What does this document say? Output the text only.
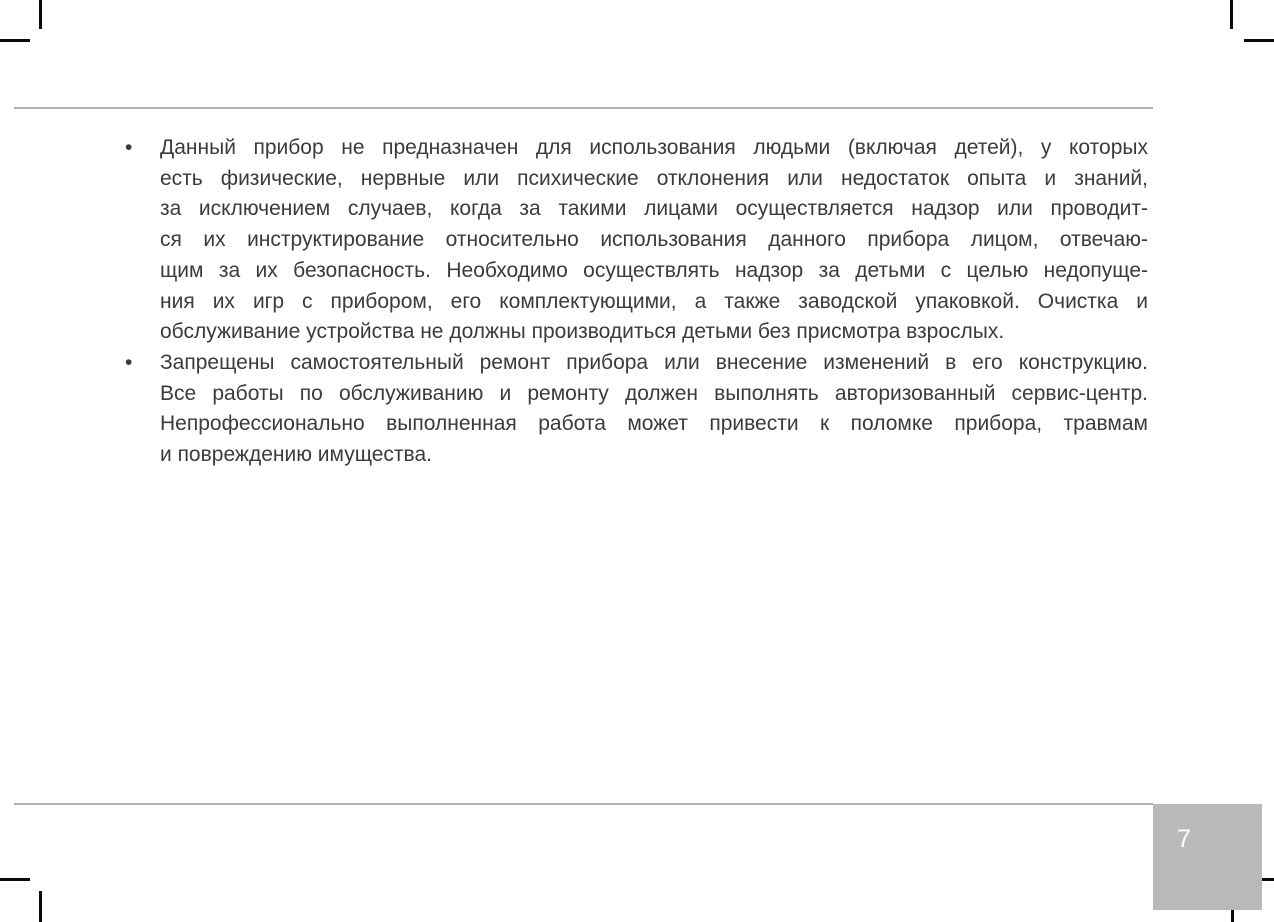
•	Данный прибор не предназначен для использования людьми (включая детей), у которых
есть физические, нервные или психические отклонения или недостаток опыта и знаний,
за исключением случаев, когда за такими лицами осуществляется надзор или проводит-
ся их инструктирование относительно использования данного прибора лицом, отвечаю-
щим за их безопасность. Необходимо осуществлять надзор за детьми с целью недопуще-
ния их игр с прибором, его комплектующими, а также заводской упаковкой. Очистка и
обслуживание устройства не должны производиться детьми без присмотра взрослых.
•	Запрещены самостоятельный ремонт прибора или внесение изменений в его конструкцию.
Все работы по обслуживанию и ремонту должен выполнять авторизованный сервис-центр.
Непрофессионально выполненная работа может привести к поломке прибора, травмам
и повреждению имущества.
7
